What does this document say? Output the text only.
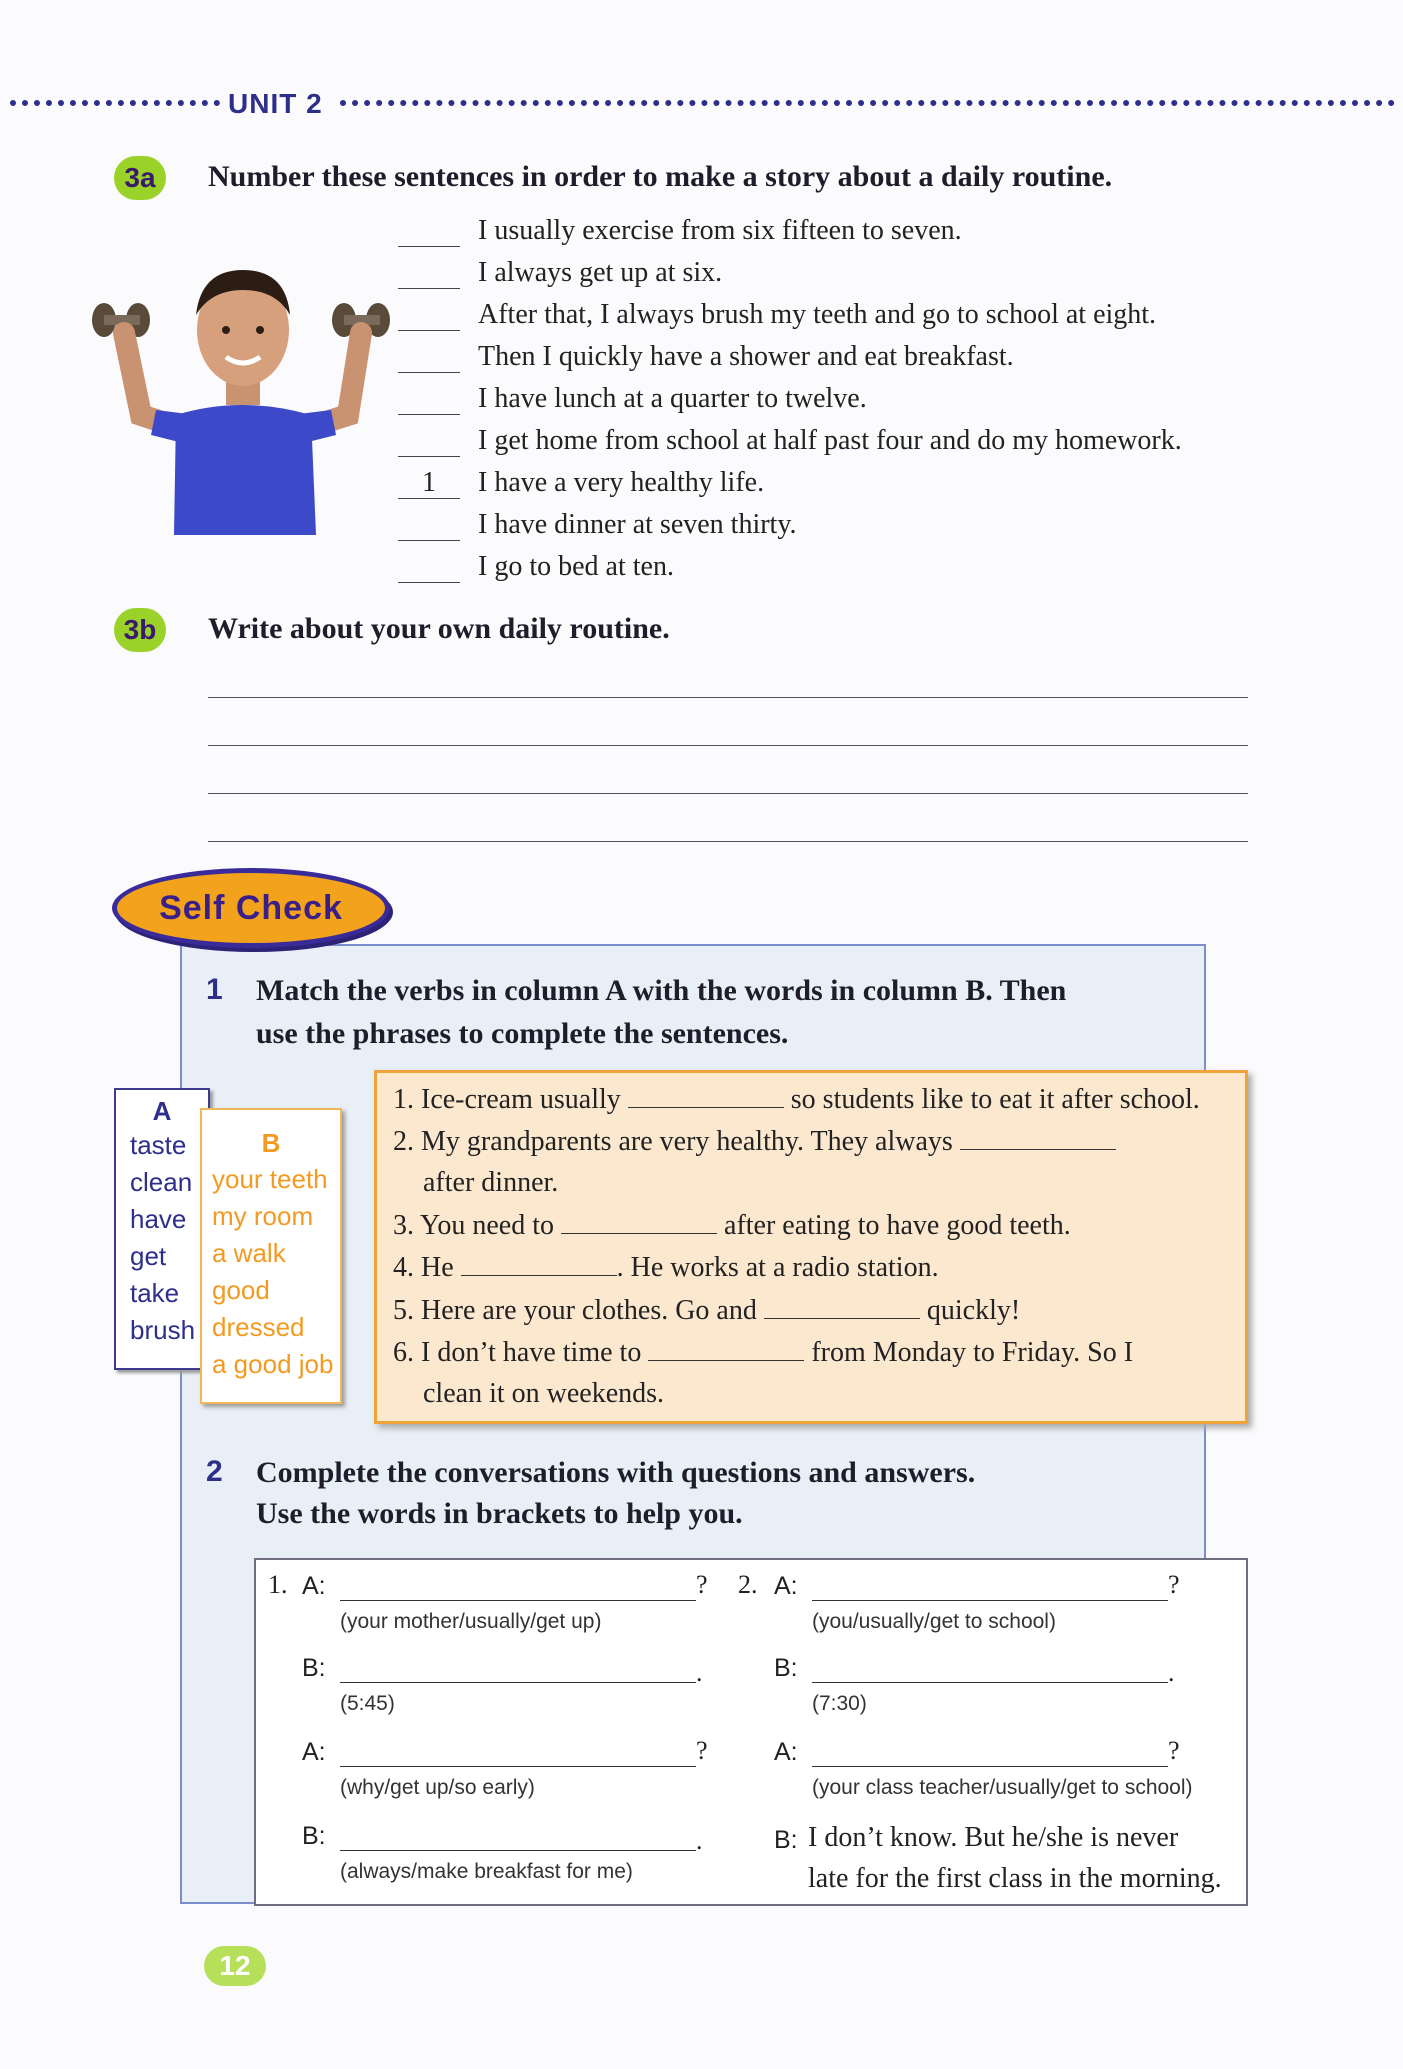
UNIT 2
3a	Number these sentences in order to make a story about a daily routine.
I usually exercise from six fifteen to seven.
I always get up at six.
After that, I always brush my teeth and go to school at eight.
Then I quickly have a shower and eat breakfast.
I have lunch at a quarter to twelve.
I get home from school at half past four and do my homework.
1	I have a very healthy life.
I have dinner at seven thirty.
I go to bed at ten.
3b	Write about your own daily routine.
Self Check
1 Match the verbs in column A with the words in column B. Then
use the phrases to complete the sentences.
A
taste
clean
have
get
take
brush
B
your teeth
my room
a walk
good
dressed
a good job
1. Ice-cream usually	so students like to eat it after school.
2. My grandparents are very healthy. They always
after dinner.
3. You need to	after eating to have good teeth.
4. He	. He works at a radio station.
5. Here are your clothes. Go and	quickly!
6. I don’t have time to	from Monday to Friday. So I
clean it on weekends.
2 Complete the conversations with questions and answers.
Use the words in brackets to help you.
1. A:	?
(your mother/usually/get up)
B:	.
(5:45)
A:	?
(why/get up/so early)
B:	.
(always/make breakfast for me)
2. A:	?
(you/usually/get to school)
B:	.
(7:30)
A:	?
(your class teacher/usually/get to school)
B: I don’t know. But he/she is never
late for the first class in the morning.
12
